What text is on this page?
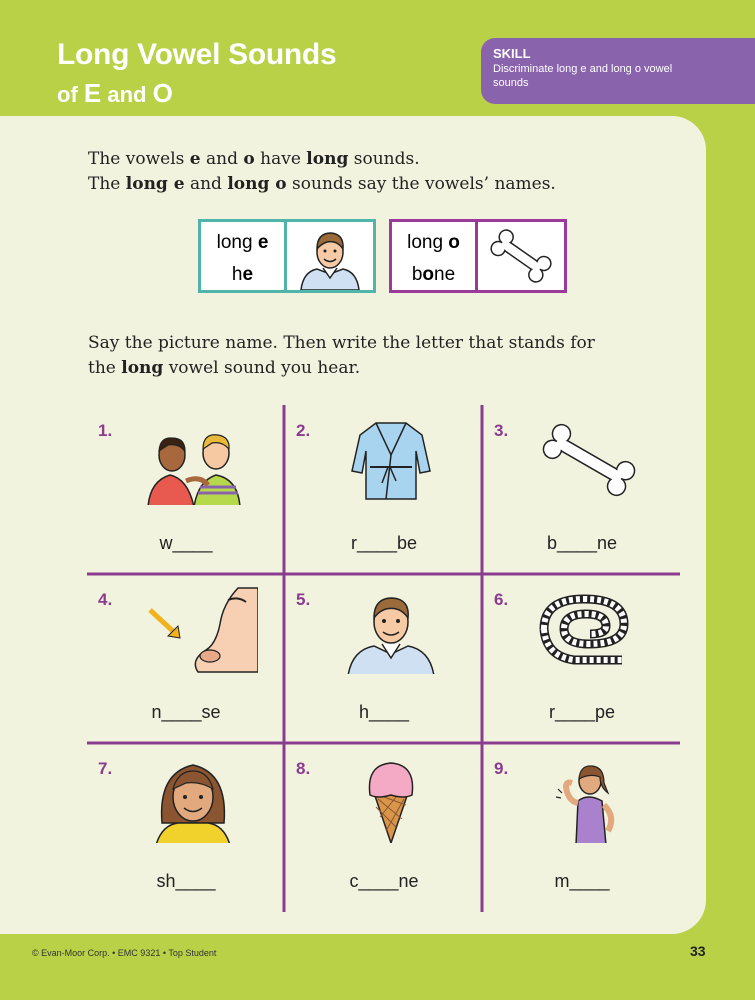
Long Vowel Sounds
of E and O
SKILL
Discriminate long e and long o vowel sounds
The vowels e and o have long sounds.
The long e and long o sounds say the vowels’ names.
long e
he
long o
bone
Say the picture name. Then write the letter that stands for
the long vowel sound you hear.
1.
w____
2.
r____be
3.
b____ne
4.
n____se
5.
h____
6.
r____pe
7.
sh____
8.
c____ne
9.
m____
© Evan-Moor Corp. • EMC 9321 • Top Student	33
